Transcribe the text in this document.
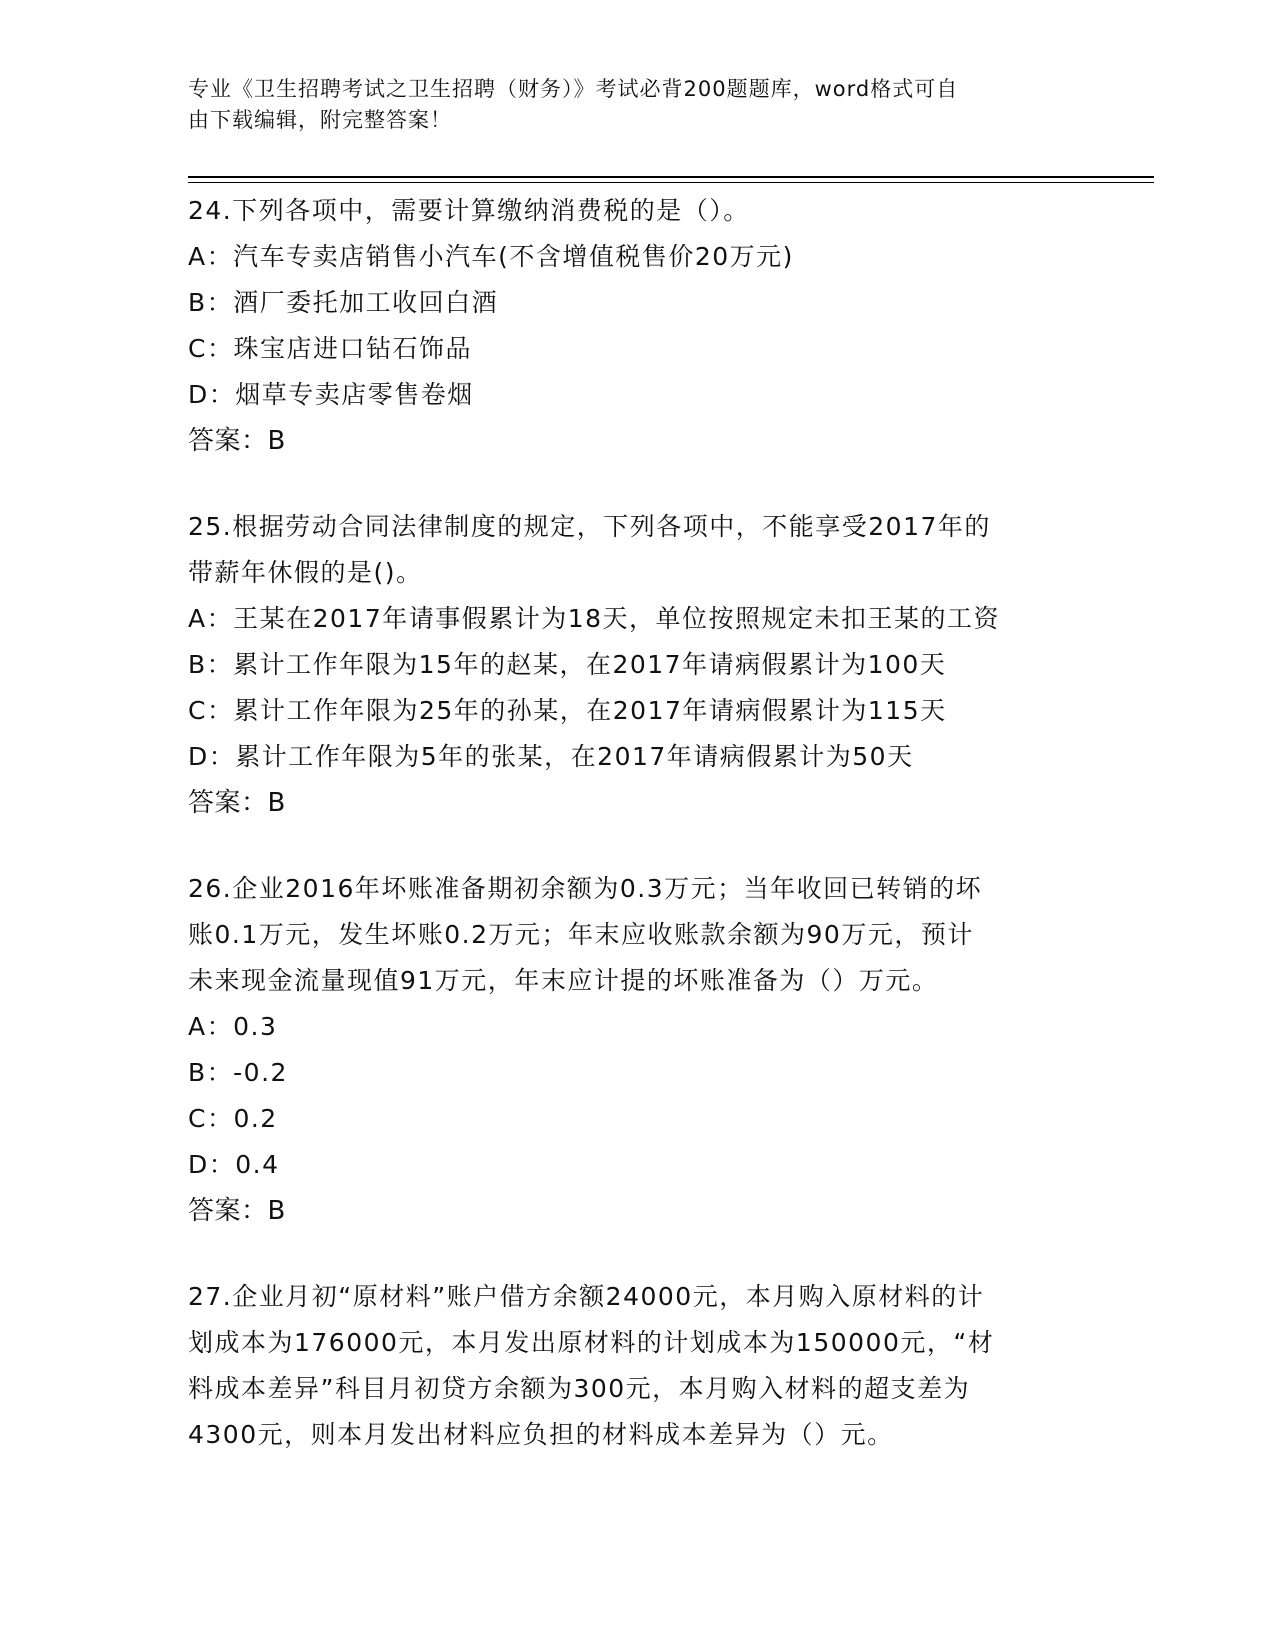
专业《卫生招聘考试之卫生招聘（财务）》考试必背200题题库，word格式可自
由下载编辑，附完整答案！
24.下列各项中，需要计算缴纳消费税的是（）。
A：汽车专卖店销售小汽车(不含增值税售价20万元)
B：酒厂委托加工收回白酒
C：珠宝店进口钻石饰品
D：烟草专卖店零售卷烟
答案：B
25.根据劳动合同法律制度的规定，下列各项中，不能享受2017年的
带薪年休假的是()。
A：王某在2017年请事假累计为18天，单位按照规定未扣王某的工资
B：累计工作年限为15年的赵某，在2017年请病假累计为100天
C：累计工作年限为25年的孙某，在2017年请病假累计为115天
D：累计工作年限为5年的张某，在2017年请病假累计为50天
答案：B
26.企业2016年坏账准备期初余额为0.3万元；当年收回已转销的坏
账0.1万元，发生坏账0.2万元；年末应收账款余额为90万元，预计
未来现金流量现值91万元，年末应计提的坏账准备为（）万元。
A：0.3
B：-0.2
C：0.2
D：0.4
答案：B
27.企业月初“原材料”账户借方余额24000元，本月购入原材料的计
划成本为176000元，本月发出原材料的计划成本为150000元，“材
料成本差异”科目月初贷方余额为300元，本月购入材料的超支差为
4300元，则本月发出材料应负担的材料成本差异为（）元。
